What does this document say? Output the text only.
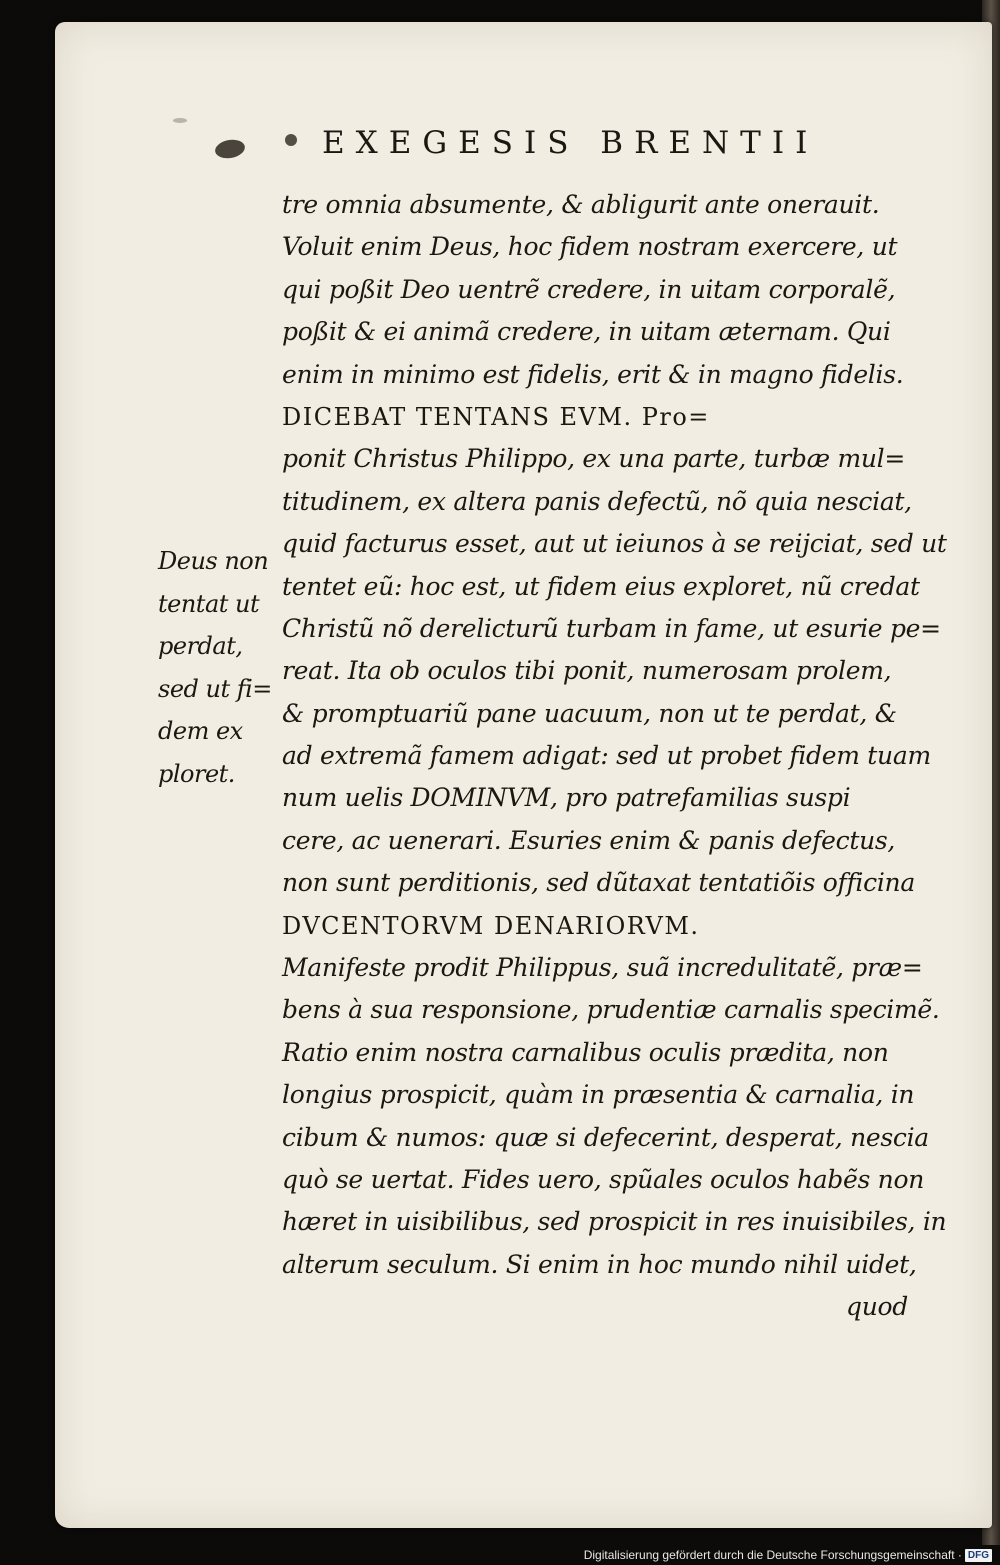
EXEGESIS BRENTII
tre omnia absumente, & abligurit ante onerauit.
Voluit enim Deus, hoc fidem nostram exercere, ut
qui poßit Deo uentrẽ credere, in uitam corporalẽ,
poßit & ei animã credere, in uitam æternam. Qui
enim in minimo est fidelis, erit & in magno fidelis.
DICEBAT TENTANS EVM. Pro=
ponit Christus Philippo, ex una parte, turbæ mul=
titudinem, ex altera panis defectũ, nõ quia nesciat,
quid facturus esset, aut ut ieiunos à se reijciat, sed ut
tentet eũ: hoc est, ut fidem eius exploret, nũ credat
Christũ nõ derelicturũ turbam in fame, ut esurie pe=
reat. Ita ob oculos tibi ponit, numerosam prolem,
& promptuariũ pane uacuum, non ut te perdat, &
ad extremã famem adigat: sed ut probet fidem tuam
num uelis DOMINVM, pro patrefamilias suspi
cere, ac uenerari. Esuries enim & panis defectus,
non sunt perditionis, sed dũtaxat tentatiõis officina
DVCENTORVM DENARIORVM.
Manifeste prodit Philippus, suã incredulitatẽ, præ=
bens à sua responsione, prudentiæ carnalis specimẽ.
Ratio enim nostra carnalibus oculis prædita, non
longius prospicit, quàm in præsentia & carnalia, in
cibum & numos: quæ si defecerint, desperat, nescia
quò se uertat. Fides uero, spũales oculos habẽs non
hæret in uisibilibus, sed prospicit in res inuisibiles, in
alterum seculum. Si enim in hoc mundo nihil uidet,
quod
Deus non
tentat ut
perdat,
sed ut fi=
dem ex
ploret.
Digitalisierung gefördert durch die Deutsche Forschungsgemeinschaft · DFG
